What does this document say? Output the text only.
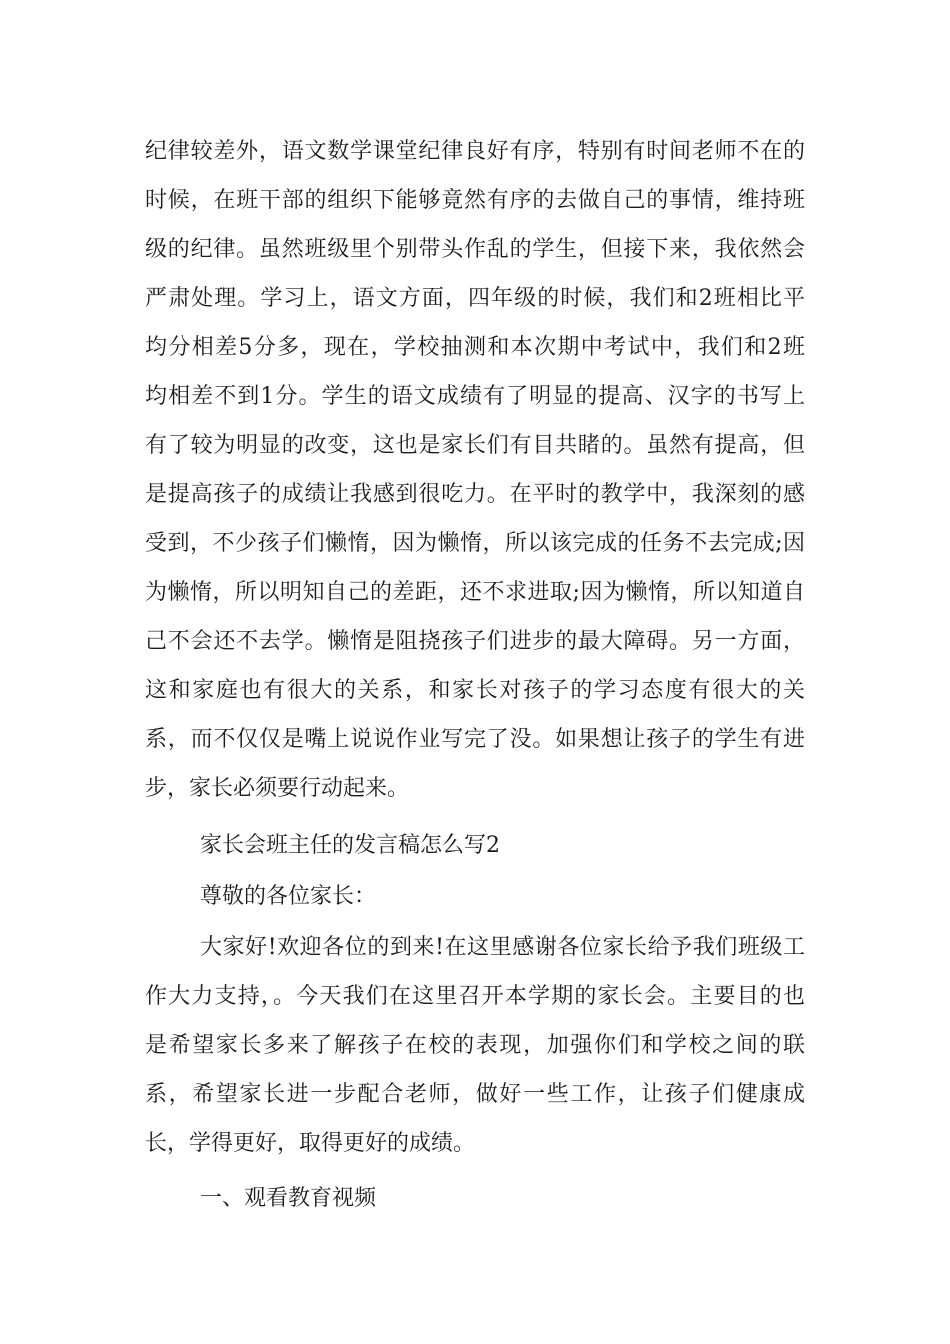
纪律较差外，语文数学课堂纪律良好有序，特别有时间老师不在的
时候，在班干部的组织下能够竟然有序的去做自己的事情，维持班
级的纪律。虽然班级里个别带头作乱的学生，但接下来，我依然会
严肃处理。学习上，语文方面，四年级的时候，我们和2班相比平
均分相差5分多，现在，学校抽测和本次期中考试中，我们和2班
均相差不到1分。学生的语文成绩有了明显的提高、汉字的书写上
有了较为明显的改变，这也是家长们有目共睹的。虽然有提高，但
是提高孩子的成绩让我感到很吃力。在平时的教学中，我深刻的感
受到，不少孩子们懒惰，因为懒惰，所以该完成的任务不去完成;因
为懒惰，所以明知自己的差距，还不求进取;因为懒惰，所以知道自
己不会还不去学。懒惰是阻挠孩子们进步的最大障碍。另一方面，
这和家庭也有很大的关系，和家长对孩子的学习态度有很大的关
系，而不仅仅是嘴上说说作业写完了没。如果想让孩子的学生有进
步，家长必须要行动起来。
家长会班主任的发言稿怎么写2
尊敬的各位家长：
大家好!欢迎各位的到来!在这里感谢各位家长给予我们班级工
作大力支持，。今天我们在这里召开本学期的家长会。主要目的也
是希望家长多来了解孩子在校的表现，加强你们和学校之间的联
系，希望家长进一步配合老师，做好一些工作，让孩子们健康成
长，学得更好，取得更好的成绩。
一、观看教育视频
